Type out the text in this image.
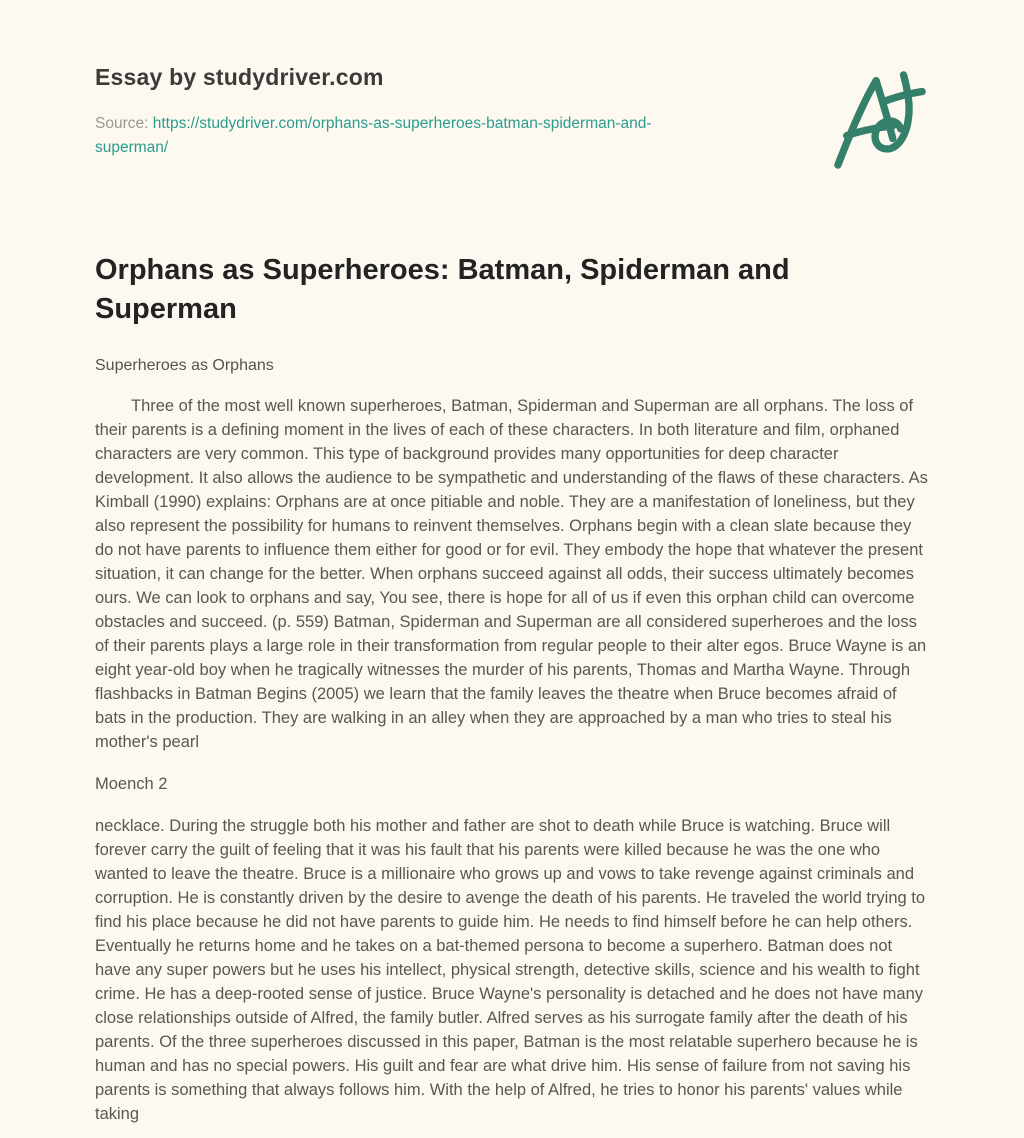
Essay by studydriver.com

Source: https://studydriver.com/orphans-as-superheroes-batman-spiderman-and-superman/

Orphans as Superheroes: Batman, Spiderman and Superman

Superheroes as Orphans

Three of the most well known superheroes, Batman, Spiderman and Superman are all orphans. The loss of their parents is a defining moment in the lives of each of these characters. In both literature and film, orphaned characters are very common. This type of background provides many opportunities for deep character development. It also allows the audience to be sympathetic and understanding of the flaws of these characters. As Kimball (1990) explains: Orphans are at once pitiable and noble. They are a manifestation of loneliness, but they also represent the possibility for humans to reinvent themselves. Orphans begin with a clean slate because they do not have parents to influence them either for good or for evil. They embody the hope that whatever the present situation, it can change for the better. When orphans succeed against all odds, their success ultimately becomes ours. We can look to orphans and say, You see, there is hope for all of us if even this orphan child can overcome obstacles and succeed. (p. 559) Batman, Spiderman and Superman are all considered superheroes and the loss of their parents plays a large role in their transformation from regular people to their alter egos. Bruce Wayne is an eight year-old boy when he tragically witnesses the murder of his parents, Thomas and Martha Wayne. Through flashbacks in Batman Begins (2005) we learn that the family leaves the theatre when Bruce becomes afraid of bats in the production. They are walking in an alley when they are approached by a man who tries to steal his mother's pearl

Moench 2

necklace. During the struggle both his mother and father are shot to death while Bruce is watching. Bruce will forever carry the guilt of feeling that it was his fault that his parents were killed because he was the one who wanted to leave the theatre. Bruce is a millionaire who grows up and vows to take revenge against criminals and corruption. He is constantly driven by the desire to avenge the death of his parents. He traveled the world trying to find his place because he did not have parents to guide him. He needs to find himself before he can help others. Eventually he returns home and he takes on a bat-themed persona to become a superhero. Batman does not have any super powers but he uses his intellect, physical strength, detective skills, science and his wealth to fight crime. He has a deep-rooted sense of justice. Bruce Wayne's personality is detached and he does not have many close relationships outside of Alfred, the family butler. Alfred serves as his surrogate family after the death of his parents. Of the three superheroes discussed in this paper, Batman is the most relatable superhero because he is human and has no special powers. His guilt and fear are what drive him. His sense of failure from not saving his parents is something that always follows him. With the help of Alfred, he tries to honor his parents' values while taking
